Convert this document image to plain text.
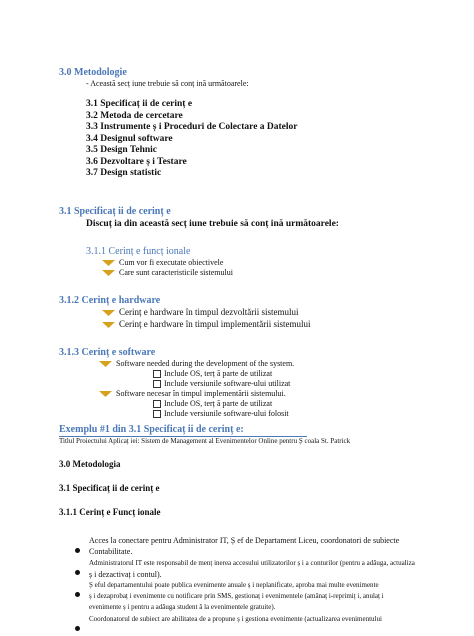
3.0 Metodologie
- Această secț iune trebuie să conț ină următoarele:
3.1 Specificaț ii de cerinț e
3.2 Metoda de cercetare
3.3 Instrumente ș i Proceduri de Colectare a Datelor
3.4 Designul software
3.5 Design Tehnic
3.6 Dezvoltare ș i Testare
3.7 Design statistic
3.1 Specificaț ii de cerinț e
Discuț ia din această secț iune trebuie să conț ină următoarele:
3.1.1 Cerinț e funcț ionale
Cum vor fi executate obiectivele
Care sunt caracteristicile sistemului
3.1.2 Cerinț e hardware
Cerinț e hardware în timpul dezvoltării sistemului
Cerinț e hardware în timpul implementării sistemului
3.1.3 Cerinț e software
Software needed during the development of the system.
Include OS, terț ă parte de utilizat
Include versiunile software-ului utilizat
Software necesar în timpul implementării sistemului.
Include OS, terț ă parte de utilizat
Include versiunile software-ului folosit
Exemplu #1 din 3.1 Specificaț ii de cerinț e:
Titlul Proiectului Aplicaț iei: Sistem de Management al Evenimentelor Online pentru Ș coala St. Patrick
3.0 Metodologia
3.1 Specificaț ii de cerinț e
3.1.1 Cerinț e Funcț ionale
Acces la conectare pentru Administrator IT, Ș ef de Departament Liceu, coordonatori de subiecte
Contabilitate.
Administratorul IT este responsabil de menț inerea accesului utilizatorilor ș i a conturilor (pentru a adăuga, actualiza
ș i dezactivaț i contul).
Ș eful departamentului poate publica evenimente anuale ș i neplanificate, aproba mai multe evenimente
ș i dezaprobaț i evenimente cu notificare prin SMS, gestionaț i evenimentele (amânaț i-reprimiț i, anulaț i
evenimente ș i pentru a adăuga student ă la evenimentele gratuite).
Coordonatorul de subiect are abilitatea de a propune ș i gestiona evenimente (actualizarea evenimentului
